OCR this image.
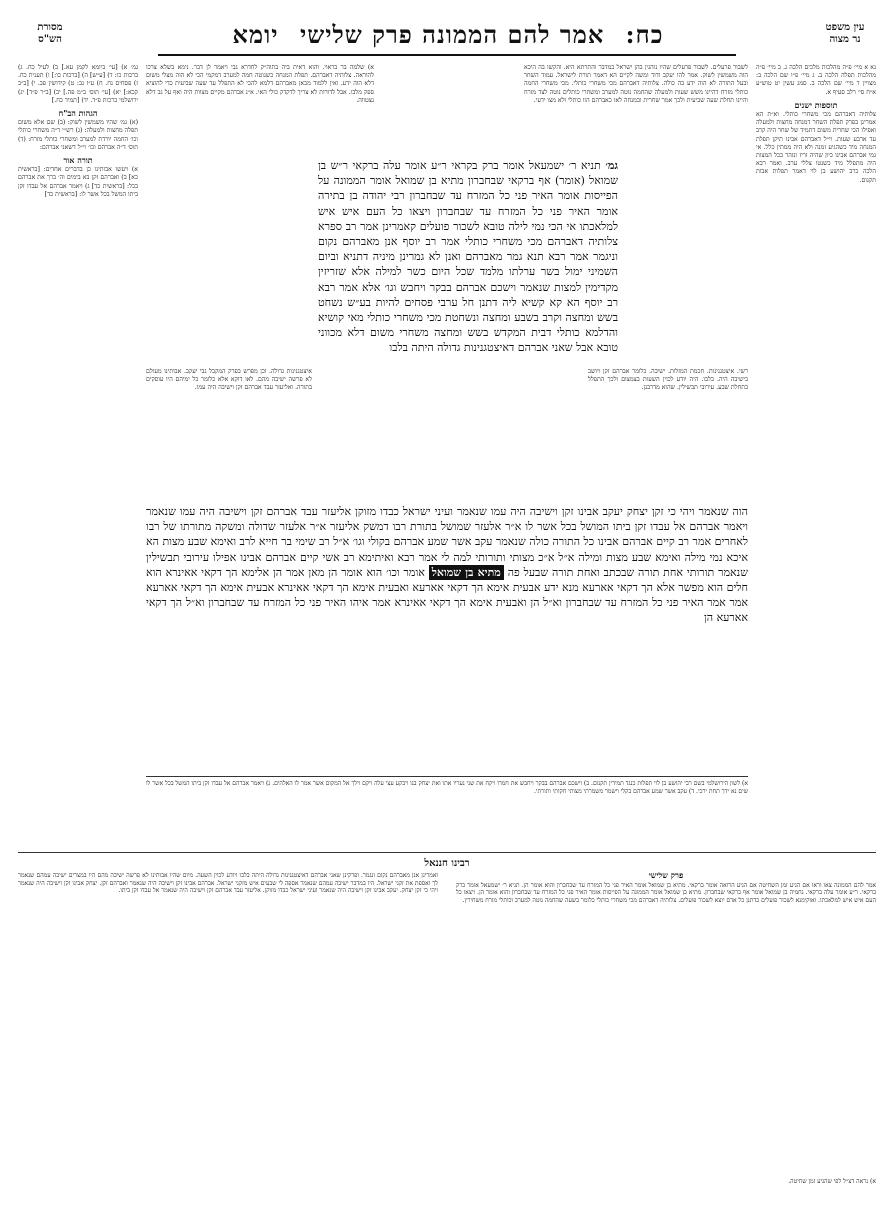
מסורת
הש"ס	כח: אמר להם הממונה פרק שלישי יומא	עין משפט
נר מצוה

נא א מיי׳ פ״ה מהלכות מלכים הלכה ג. ב מיי׳ פ״ה מהלכות תפלה הלכה ב. ג מיי׳ פ״ו שם הלכה ב: מצויין ד מיי׳ שם הלכה ב. סמג עשין יט טוש״ע א״ח סי׳ רלב סעיף א.

תוספות ישנים

צלותיה דאברהם מכי משחרי כותלי. וא״ת הא אמרינן בפרק תפלת השחר דמנחה מחצות ולמעלה ואפילו הכי שחרית משום דתמיד של שחר היה קרב עד ארבע שעות. וי״ל דאברהם אבינו תיקן תפלת המנחה מיד כשהגיע זמנה ולא היה ממתין כלל. אי נמי אברהם אבינו כיון שהיה זריז ונזהר בכל המצות היה מתפלל מיד כשנטו צללי ערב. ואמר רבא הלכה כרב יהושע בן לוי דאמר תפלות אבות תקנום.

גמ׳ א) [עי׳ ביומא לקמן עא.] ב) לעיל כח. ג) ברכות כו: ד) [ע״ש] ה) [ברכות כו:] ו) תענית כח. ז) פסחים נח. ח) ע״ז נב: ט) קידושין פב. י) [ב״ב קכא:] יא) [עי׳ תוס׳ ב״מ פה.] יב) [ב״ר פ״ד] יג) ירושלמי ברכות פ״ד. יד) [תמיד כח.]

הגהות הב"ח

(א) גמ׳ שהיו משמשין לשוק: (ב) שם אלא משום תפלה מחצות ולמעלה: (ג) רש״י ד״ה משחרי כותלי וכו׳ החמה יורדת למערב ומשחרי כותלי מזרח: (ד) תוס׳ ד״ה אברהם וכו׳ וי״ל דשאני אברהם:

תורה אור

א) ויעשו אבותינו כן בדברים אחדים: [בראשית כא] ב) ואברהם זקן בא בימים וה׳ ברך את אברהם בכל: [בראשית כד] ג) ויאמר אברהם אל עבדו זקן ביתו המשל בכל אשר לו: [בראשית כד]

לשבור פרעלים. לשבור פרעלים שהיו נוהגין בהן ישראל במדבר והתרתא היא. והקשו בה היכא הוה משמשין לשוק. אמר להו יעקב ודוד ומשה לקיים הא דאמר תורת לישראל. עמוד השחר ובעל התורה לא הוה ידע בה כולה. צלותיה דאברהם מכי משחרי כותלי. מכי משחרי החמה כותלי מזרח דהיינו משש שעות ולמעלה שהחמה נוטה למערב ומשחרי כותלים נוטה לצד מזרח והיינו תחלת שעה שביעית ולכך אמר שחרית ובמנחה לאו כאברהם הוו כותלי ולא מצו ידעי.

א) שלמה בר בראוי. והוא דאית ביה בתוה״ק לחדרא גבי ויאמר לן דבר. נימא בשלא צרכו להוראה. צלותיה דאברהם. תפלת המנחה כשנוטה חמה למערב דמקמי הכי לא הוה מצלי משום דלא הוה ידע. ואין ללמוד מכאן מאברהם דלמא להכי לא התפלל עד שעה שביעית כדי להוציא ספק מלבו. אבל לדורות לא צריך לדקדק כולי האי. א״נ אברהם מקיים מצוות היה ואף על גב דלא נצטווה.

גמ׳ תניא ר׳ ישמעאל אומר ברק בקראי ר״ע אומר עלה ברקאי ר״ש בן שמואל (אומר) אף ברקאי שבחברון מתיא בן שמואל אומר הממונה על הפייסות אומר האיר פני כל המזרח עד שבחברון רבי יהודה בן בתירה אומר האיר פני כל המזרח עד שבחברון ויצאו כל העם איש איש למלאכתו אי הכי נמי לילה טובא לשכור פועלים קאמרינן אמר רב ספרא צלותיה דאברהם מכי משחרי כותלי אמר רב יוסף אנן מאברהם נקום וניגמר אמר רבא תנא גמר מאברהם ואנן לא גמרינן מיניה דתניא וביום השמיני ימול בשר ערלתו מלמד שכל היום כשר למילה אלא שזריזין מקדימין למצות שנאמר וישכם אברהם בבקר ויחבש וגו׳ אלא אמר רבא רב יוסף הא קא קשיא ליה דתנן חל ערבי פסחים להיות בע״ש נשחט בשש ומחצה וקרב בשבע ומחצה ונשחטת מכי משחרי כותלי מאי קושיא והדלמא כותלי דבית המקדש בשש ומחצה משחרי משום דלא מכווני טובא אבל שאני אברהם דאיצטגנינות גדולה היתה בלבו
רשי. איצטגנינות. חכמת המזלות. ישיבה. כלומר אברהם זקן ויושב בישיבה היה. בלבו. היה יודע לכוין השעות בצמצום ולכך התפלל בתחלת שבע. עירובי תבשילין. שהוא מדרבנן.
איצטגנינות גדולה. וכן מפרש בפרק המקבל גבי יעקב. אבותינו מעולם לא פרשה ישיבה מהם. לאו דוקא אלא כלומר כל ימיהם היו עוסקים בתורה. ואליעזר עבד אברהם זקן וישיבה היה עמו.
הוה שנאמר ויהי כי זקן יצחק יעקב אבינו זקן וישיבה היה עמו שנאמר ועיני ישראל כבדו מזוקן אליעזר עבד אברהם זקן וישיבה היה עמו שנאמר ויאמר אברהם אל עבדו זקן ביתו המושל בכל אשר לו א״ר אלעזר שמושל בתורת רבו דמשק אליעזר א״ר אלעזר שדולה ומשקה מתורתו של רבו לאחרים אמר רב קיים אברהם אבינו כל התורה כולה שנאמר עקב אשר שמע אברהם בקולי וגו׳ א״ל רב שימי בר חייא לרב ואימא שבע מצות הא איכא נמי מילה ואימא שבע מצות ומילה א״ל א״כ מצותי ותורותי למה לי אמר רבא ואיתימא רב אשי קיים אברהם אבינו אפילו עירובי תבשילין שנאמר תורותי אחת תורה שבכתב ואחת תורה שבעל פה מתיא בן שמואל אומר וכו׳ הוא אומר הן מאן אמר הן אלימא הך דקאי אאינרא הוא חלים הוא מפשר אלא הך דקאי אארעא מנא ידע אבעית אימא הך דקאי אארעא ואבעית אימא הך דקאי אאינרא אבעית אימא הך דקאי אארעא אמר אמר האיר פני כל המזרח עד שבחברון וא״ל הן ואבעית אימא הך דקאי אאינרא אמר איהו האיר פני כל המזרח עד שבחברון וא״ל הך דקאי אארעא הן
א) לשון הירושלמי בשם רבי יהושע בן לוי תפלות כנגד תמידין תקנום. ב) וישכם אברהם בבקר ויחבש את חמרו ויקח את שני נעריו אתו ואת יצחק בנו ויבקע עצי עלה ויקם וילך אל המקום אשר אמר לו האלהים. ג) ויאמר אברהם אל עבדו זקן ביתו המשל בכל אשר לו שים נא ידך תחת ירכי. ד) עקב אשר שמע אברהם בקלי וישמר משמרתי מצותי חקותי ותורתי.
רבינו חננאל
פרק שלישי
אמר להם הממונה צאו וראו אם הגיע זמן השחיטה אם הגיע הרואה אומר ברקאי. מתיא בן שמואל אומר האיר פני כל המזרח עד שבחברון והוא אומר הן. תניא ר׳ ישמעאל אומר ברק ברקאי. ר״ע אומר עלה ברקאי. נחמיה בן שמואל אומר אף ברקאי שבחברון. מתיא בן שמואל אומר הממונה על הפייסות אומר האיר פני כל המזרח עד שבחברון והוא אומר הן. ויצאו כל העם איש איש למלאכתו. ואוקימנא לשכור פועלים כדתנן כל אדם יוצא לשכור פועלים. צלותיה דאברהם מכי משחרי כותלי כלומר בשעה שהחמה נוטה למערב וכותלי מזרח משחירין.
ואמרינן אנן מאברהם נקום ונגמר. ופרקינן שאני אברהם דאיצטגנינות גדולה היתה בלבו ויודע לכוין השעה. מיום שהיו אבותינו לא פרשה ישיבה מהם היו במצרים ישיבה עמהם שנאמר לך ואספת את זקני ישראל. היו במדבר ישיבה עמהם שנאמר אספה לי שבעים איש מזקני ישראל. אברהם אבינו זקן וישיבה היה שנאמר ואברהם זקן. יצחק אבינו זקן וישיבה היה שנאמר ויהי כי זקן יצחק. יעקב אבינו זקן וישיבה היה שנאמר ועיני ישראל כבדו מזוקן. אליעזר עבד אברהם זקן וישיבה היה שנאמר אל עבדו זקן ביתו.
א) נראה דצ״ל לפי שהגיע זמן שחיטה.
